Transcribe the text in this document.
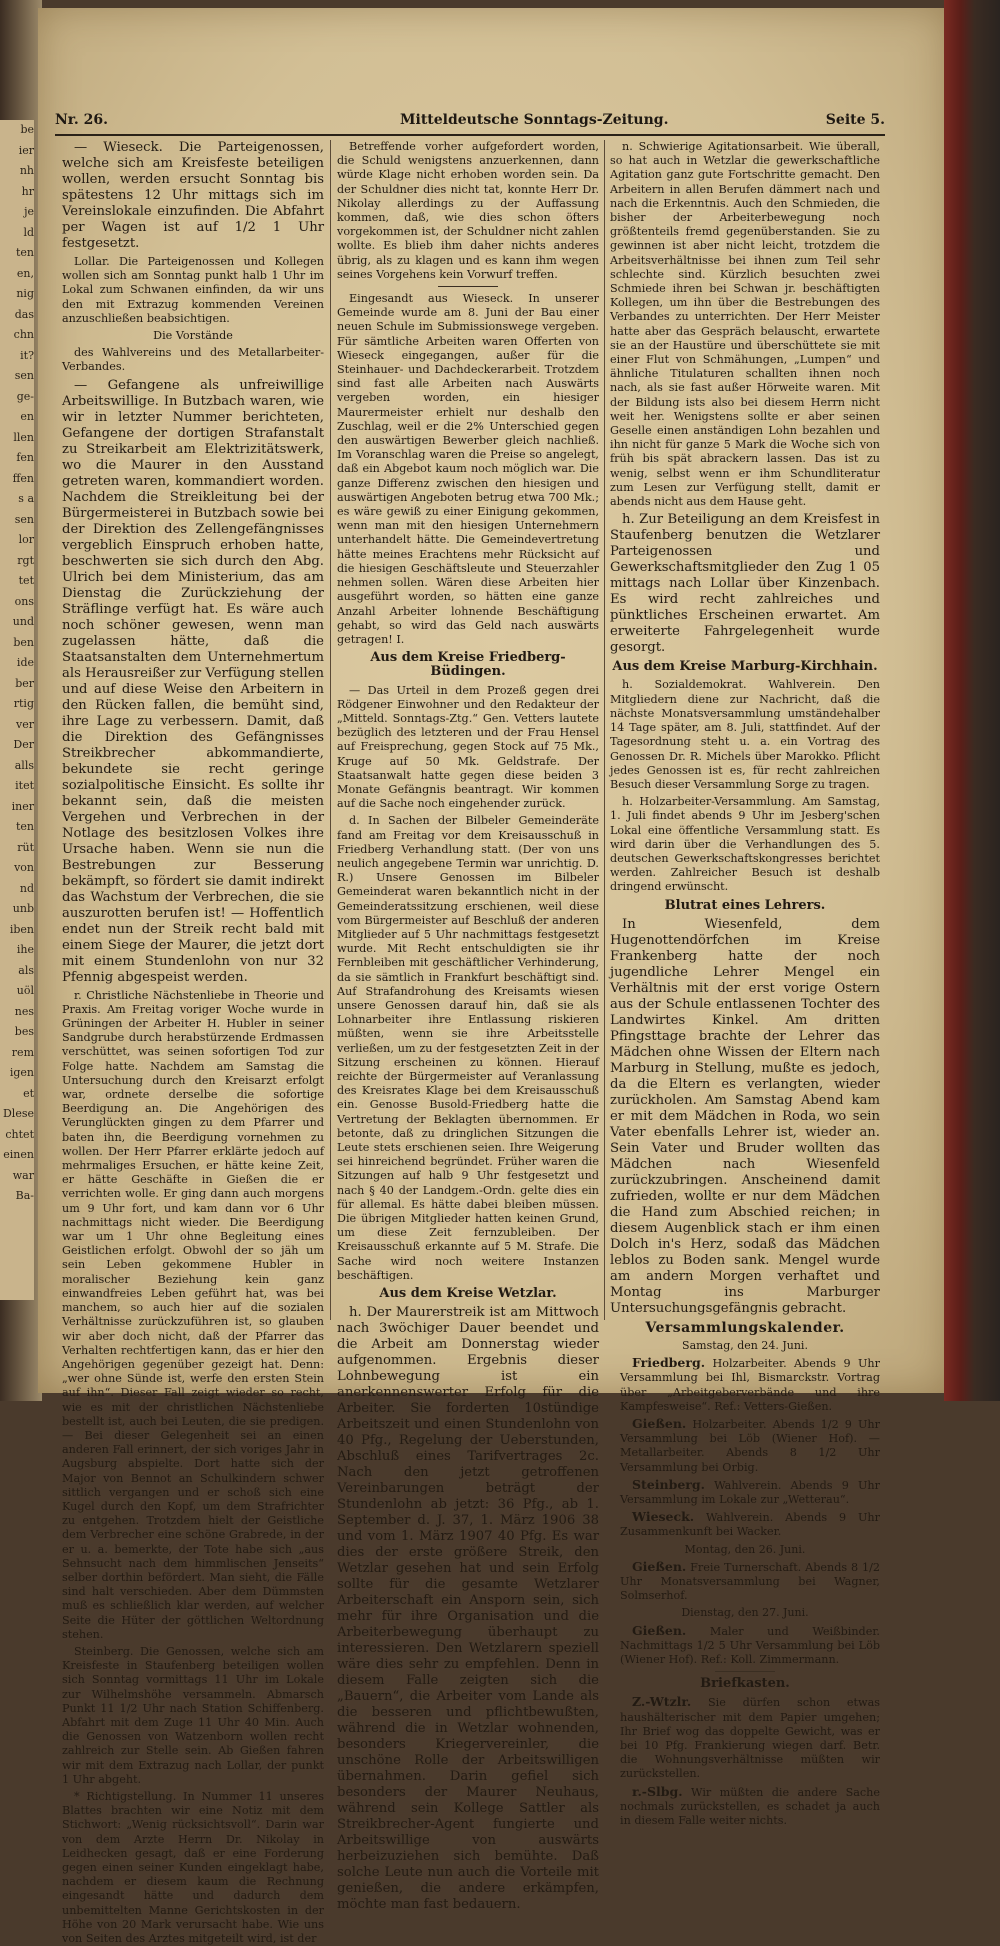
be
ier
nh
hr
je
ld
ten
en,
nig
das
chn
it?
sen
ge-
en
llen
fen
ffen
s a
sen
lor
rgt
tet
ons
und
ben
ide
ber
rtig
ver
Der
alls
itet
iner
ten
rüt
von
nd
unb
iben
ihe
als
uöl
nes
bes
rem
igen
et
Dlese
chtet
einen
war
Ba-
Nr. 26.	Mitteldeutsche Sonntags-Zeitung.	Seite 5.

— Wieseck. Die Parteigenossen, welche sich am Kreisfeste beteiligen wollen, werden ersucht Sonntag bis spätestens 12 Uhr mittags sich im Vereinslokale einzufinden. Die Abfahrt per Wagen ist auf 1/2 1 Uhr festgesetzt.

Lollar. Die Parteigenossen und Kollegen wollen sich am Sonntag punkt halb 1 Uhr im Lokal zum Schwanen einfinden, da wir uns den mit Extrazug kommenden Vereinen anzuschließen beabsichtigen.

Die Vorstände

des Wahlvereins und des Metallarbeiter-Verbandes.

— Gefangene als unfreiwillige Arbeitswillige. In Butzbach waren, wie wir in letzter Nummer berichteten, Gefangene der dortigen Strafanstalt zu Streikarbeit am Elektrizitätswerk, wo die Maurer in den Ausstand getreten waren, kommandiert worden. Nachdem die Streikleitung bei der Bürgermeisterei in Butzbach sowie bei der Direktion des Zellengefängnisses vergeblich Einspruch erhoben hatte, beschwerten sie sich durch den Abg. Ulrich bei dem Ministerium, das am Dienstag die Zurückziehung der Sträflinge verfügt hat. Es wäre auch noch schöner gewesen, wenn man zugelassen hätte, daß die Staatsanstalten dem Unternehmertum als Herausreißer zur Verfügung stellen und auf diese Weise den Arbeitern in den Rücken fallen, die bemüht sind, ihre Lage zu verbessern. Damit, daß die Direktion des Gefängnisses Streikbrecher abkommandierte, bekundete sie recht geringe sozialpolitische Einsicht. Es sollte ihr bekannt sein, daß die meisten Vergehen und Verbrechen in der Notlage des besitzlosen Volkes ihre Ursache haben. Wenn sie nun die Bestrebungen zur Besserung bekämpft, so fördert sie damit indirekt das Wachstum der Verbrechen, die sie auszurotten berufen ist! — Hoffentlich endet nun der Streik recht bald mit einem Siege der Maurer, die jetzt dort mit einem Stundenlohn von nur 32 Pfennig abgespeist werden.

r. Christliche Nächstenliebe in Theorie und Praxis. Am Freitag voriger Woche wurde in Grüningen der Arbeiter H. Hubler in seiner Sandgrube durch herabstürzende Erdmassen verschüttet, was seinen sofortigen Tod zur Folge hatte. Nachdem am Samstag die Untersuchung durch den Kreisarzt erfolgt war, ordnete derselbe die sofortige Beerdigung an. Die Angehörigen des Verunglückten gingen zu dem Pfarrer und baten ihn, die Beerdigung vornehmen zu wollen. Der Herr Pfarrer erklärte jedoch auf mehrmaliges Ersuchen, er hätte keine Zeit, er hätte Geschäfte in Gießen die er verrichten wolle. Er ging dann auch morgens um 9 Uhr fort, und kam dann vor 6 Uhr nachmittags nicht wieder. Die Beerdigung war um 1 Uhr ohne Begleitung eines Geistlichen erfolgt. Obwohl der so jäh um sein Leben gekommene Hubler in moralischer Beziehung kein ganz einwandfreies Leben geführt hat, was bei manchem, so auch hier auf die sozialen Verhältnisse zurückzuführen ist, so glauben wir aber doch nicht, daß der Pfarrer das Verhalten rechtfertigen kann, das er hier den Angehörigen gegenüber gezeigt hat. Denn: „wer ohne Sünde ist, werfe den ersten Stein auf ihn“. Dieser Fall zeigt wieder so recht, wie es mit der christlichen Nächstenliebe bestellt ist, auch bei Leuten, die sie predigen. — Bei dieser Gelegenheit sei an einen anderen Fall erinnert, der sich voriges Jahr in Augsburg abspielte. Dort hatte sich der Major von Bennot an Schulkindern schwer sittlich vergangen und er schoß sich eine Kugel durch den Kopf, um dem Strafrichter zu entgehen. Trotzdem hielt der Geistliche dem Verbrecher eine schöne Grabrede, in der er u. a. bemerkte, der Tote habe sich „aus Sehnsucht nach dem himmlischen Jenseits“ selber dorthin befördert. Man sieht, die Fälle sind halt verschieden. Aber dem Dümmsten muß es schließlich klar werden, auf welcher Seite die Hüter der göttlichen Weltordnung stehen.

Steinberg. Die Genossen, welche sich am Kreisfeste in Staufenberg beteiligen wollen sich Sonntag vormittags 11 Uhr im Lokale zur Wilhelmshöhe versammeln. Abmarsch Punkt 11 1/2 Uhr nach Station Schiffenberg. Abfahrt mit dem Zuge 11 Uhr 40 Min. Auch die Genossen von Watzenborn wollen recht zahlreich zur Stelle sein. Ab Gießen fahren wir mit dem Extrazug nach Lollar, der punkt 1 Uhr abgeht.

* Richtigstellung. In Nummer 11 unseres Blattes brachten wir eine Notiz mit dem Stichwort: „Wenig rücksichtsvoll“. Darin war von dem Arzte Herrn Dr. Nikolay in Leidhecken gesagt, daß er eine Forderung gegen einen seiner Kunden eingeklagt habe, nachdem er diesem kaum die Rechnung eingesandt hätte und dadurch dem unbemittelten Manne Gerichtskosten in der Höhe von 20 Mark verursacht habe. Wie uns von Seiten des Arztes mitgeteilt wird, ist der

Betreffende vorher aufgefordert worden, die Schuld wenigstens anzuerkennen, dann würde Klage nicht erhoben worden sein. Da der Schuldner dies nicht tat, konnte Herr Dr. Nikolay allerdings zu der Auffassung kommen, daß, wie dies schon öfters vorgekommen ist, der Schuldner nicht zahlen wollte. Es blieb ihm daher nichts anderes übrig, als zu klagen und es kann ihm wegen seines Vorgehens kein Vorwurf treffen.

Eingesandt aus Wieseck. In unserer Gemeinde wurde am 8. Juni der Bau einer neuen Schule im Submissionswege vergeben. Für sämtliche Arbeiten waren Offerten von Wieseck eingegangen, außer für die Steinhauer- und Dachdeckerarbeit. Trotzdem sind fast alle Arbeiten nach Auswärts vergeben worden, ein hiesiger Maurermeister erhielt nur deshalb den Zuschlag, weil er die 2% Unterschied gegen den auswärtigen Bewerber gleich nachließ. Im Voranschlag waren die Preise so angelegt, daß ein Abgebot kaum noch möglich war. Die ganze Differenz zwischen den hiesigen und auswärtigen Angeboten betrug etwa 700 Mk.; es wäre gewiß zu einer Einigung gekommen, wenn man mit den hiesigen Unternehmern unterhandelt hätte. Die Gemeindevertretung hätte meines Erachtens mehr Rücksicht auf die hiesigen Geschäftsleute und Steuerzahler nehmen sollen. Wären diese Arbeiten hier ausgeführt worden, so hätten eine ganze Anzahl Arbeiter lohnende Beschäftigung gehabt, so wird das Geld nach auswärts getragen! I.

Aus dem Kreise Friedberg-Büdingen.

— Das Urteil in dem Prozeß gegen drei Rödgener Einwohner und den Redakteur der „Mitteld. Sonntags-Ztg.“ Gen. Vetters lautete bezüglich des letzteren und der Frau Hensel auf Freisprechung, gegen Stock auf 75 Mk., Kruge auf 50 Mk. Geldstrafe. Der Staatsanwalt hatte gegen diese beiden 3 Monate Gefängnis beantragt. Wir kommen auf die Sache noch eingehender zurück.

d. In Sachen der Bilbeler Gemeinderäte fand am Freitag vor dem Kreisausschuß in Friedberg Verhandlung statt. (Der von uns neulich angegebene Termin war unrichtig. D. R.) Unsere Genossen im Bilbeler Gemeinderat waren bekanntlich nicht in der Gemeinderatssitzung erschienen, weil diese vom Bürgermeister auf Beschluß der anderen Mitglieder auf 5 Uhr nachmittags festgesetzt wurde. Mit Recht entschuldigten sie ihr Fernbleiben mit geschäftlicher Verhinderung, da sie sämtlich in Frankfurt beschäftigt sind. Auf Strafandrohung des Kreisamts wiesen unsere Genossen darauf hin, daß sie als Lohnarbeiter ihre Entlassung riskieren müßten, wenn sie ihre Arbeitsstelle verließen, um zu der festgesetzten Zeit in der Sitzung erscheinen zu können. Hierauf reichte der Bürgermeister auf Veranlassung des Kreisrates Klage bei dem Kreisausschuß ein. Genosse Busold-Friedberg hatte die Vertretung der Beklagten übernommen. Er betonte, daß zu dringlichen Sitzungen die Leute stets erschienen seien. Ihre Weigerung sei hinreichend begründet. Früher waren die Sitzungen auf halb 9 Uhr festgesetzt und nach § 40 der Landgem.-Ordn. gelte dies ein für allemal. Es hätte dabei bleiben müssen. Die übrigen Mitglieder hatten keinen Grund, um diese Zeit fernzubleiben. Der Kreisausschuß erkannte auf 5 M. Strafe. Die Sache wird noch weitere Instanzen beschäftigen.

Aus dem Kreise Wetzlar.

h. Der Maurerstreik ist am Mittwoch nach 3wöchiger Dauer beendet und die Arbeit am Donnerstag wieder aufgenommen. Ergebnis dieser Lohnbewegung ist ein anerkennenswerter Erfolg für die Arbeiter. Sie forderten 10stündige Arbeitszeit und einen Stundenlohn von 40 Pfg., Regelung der Ueberstunden, Abschluß eines Tarifvertrages 2c. Nach den jetzt getroffenen Vereinbarungen beträgt der Stundenlohn ab jetzt: 36 Pfg., ab 1. September d. J. 37, 1. März 1906 38 und vom 1. März 1907 40 Pfg. Es war dies der erste größere Streik, den Wetzlar gesehen hat und sein Erfolg sollte für die gesamte Wetzlarer Arbeiterschaft ein Ansporn sein, sich mehr für ihre Organisation und die Arbeiterbewegung überhaupt zu interessieren. Den Wetzlarern speziell wäre dies sehr zu empfehlen. Denn in diesem Falle zeigten sich die „Bauern“, die Arbeiter vom Lande als die besseren und pflichtbewußten, während die in Wetzlar wohnenden, besonders Kriegervereinler, die unschöne Rolle der Arbeitswilligen übernahmen. Darin gefiel sich besonders der Maurer Neuhaus, während sein Kollege Sattler als Streikbrecher-Agent fungierte und Arbeitswillige von auswärts herbeizuziehen sich bemühte. Daß solche Leute nun auch die Vorteile mit genießen, die andere erkämpfen, möchte man fast bedauern.

n. Schwierige Agitationsarbeit. Wie überall, so hat auch in Wetzlar die gewerkschaftliche Agitation ganz gute Fortschritte gemacht. Den Arbeitern in allen Berufen dämmert nach und nach die Erkenntnis. Auch den Schmieden, die bisher der Arbeiterbewegung noch größtenteils fremd gegenüberstanden. Sie zu gewinnen ist aber nicht leicht, trotzdem die Arbeitsverhältnisse bei ihnen zum Teil sehr schlechte sind. Kürzlich besuchten zwei Schmiede ihren bei Schwan jr. beschäftigten Kollegen, um ihn über die Bestrebungen des Verbandes zu unterrichten. Der Herr Meister hatte aber das Gespräch belauscht, erwartete sie an der Haustüre und überschüttete sie mit einer Flut von Schmähungen, „Lumpen“ und ähnliche Titulaturen schallten ihnen noch nach, als sie fast außer Hörweite waren. Mit der Bildung ists also bei diesem Herrn nicht weit her. Wenigstens sollte er aber seinen Geselle einen anständigen Lohn bezahlen und ihn nicht für ganze 5 Mark die Woche sich von früh bis spät abrackern lassen. Das ist zu wenig, selbst wenn er ihm Schundliteratur zum Lesen zur Verfügung stellt, damit er abends nicht aus dem Hause geht.

h. Zur Beteiligung an dem Kreisfest in Staufenberg benutzen die Wetzlarer Parteigenossen und Gewerkschaftsmitglieder den Zug 1 05 mittags nach Lollar über Kinzenbach. Es wird recht zahlreiches und pünktliches Erscheinen erwartet. Am erweiterte Fahrgelegenheit wurde gesorgt.

Aus dem Kreise Marburg-Kirchhain.

h. Sozialdemokrat. Wahlverein. Den Mitgliedern diene zur Nachricht, daß die nächste Monatsversammlung umständehalber 14 Tage später, am 8. Juli, stattfindet. Auf der Tagesordnung steht u. a. ein Vortrag des Genossen Dr. R. Michels über Marokko. Pflicht jedes Genossen ist es, für recht zahlreichen Besuch dieser Versammlung Sorge zu tragen.

h. Holzarbeiter-Versammlung. Am Samstag, 1. Juli findet abends 9 Uhr im Jesberg'schen Lokal eine öffentliche Versammlung statt. Es wird darin über die Verhandlungen des 5. deutschen Gewerkschaftskongresses berichtet werden. Zahlreicher Besuch ist deshalb dringend erwünscht.

Blutrat eines Lehrers.

In Wiesenfeld, dem Hugenottendörfchen im Kreise Frankenberg hatte der noch jugendliche Lehrer Mengel ein Verhältnis mit der erst vorige Ostern aus der Schule entlassenen Tochter des Landwirtes Kinkel. Am dritten Pfingsttage brachte der Lehrer das Mädchen ohne Wissen der Eltern nach Marburg in Stellung, mußte es jedoch, da die Eltern es verlangten, wieder zurückholen. Am Samstag Abend kam er mit dem Mädchen in Roda, wo sein Vater ebenfalls Lehrer ist, wieder an. Sein Vater und Bruder wollten das Mädchen nach Wiesenfeld zurückzubringen. Anscheinend damit zufrieden, wollte er nur dem Mädchen die Hand zum Abschied reichen; in diesem Augenblick stach er ihm einen Dolch in's Herz, sodaß das Mädchen leblos zu Boden sank. Mengel wurde am andern Morgen verhaftet und Montag ins Marburger Untersuchungsgefängnis gebracht.

Versammlungskalender.
Samstag, den 24. Juni.

Friedberg. Holzarbeiter. Abends 9 Uhr Versammlung bei Ihl, Bismarckstr. Vortrag über „Arbeitgeberverbände und ihre Kampfesweise“. Ref.: Vetters-Gießen.

Gießen. Holzarbeiter. Abends 1/2 9 Uhr Versammlung bei Löb (Wiener Hof). — Metallarbeiter. Abends 8 1/2 Uhr Versammlung bei Orbig.

Steinberg. Wahlverein. Abends 9 Uhr Versammlung im Lokale zur „Wetterau“.

Wieseck. Wahlverein. Abends 9 Uhr Zusammenkunft bei Wacker.

Montag, den 26. Juni.

Gießen. Freie Turnerschaft. Abends 8 1/2 Uhr Monatsversammlung bei Wagner, Solmserhof.

Dienstag, den 27. Juni.

Gießen. Maler und Weißbinder. Nachmittags 1/2 5 Uhr Versammlung bei Löb (Wiener Hof). Ref.: Koll. Zimmermann.

Briefkasten.

Z.-Wtzlr. Sie dürfen schon etwas haushälterischer mit dem Papier umgehen; Ihr Brief wog das doppelte Gewicht, was er bei 10 Pfg. Frankierung wiegen darf. Betr. die Wohnungsverhältnisse müßten wir zurückstellen.

r.-Slbg. Wir müßten die andere Sache nochmals zurückstellen, es schadet ja auch in diesem Falle weiter nichts.
